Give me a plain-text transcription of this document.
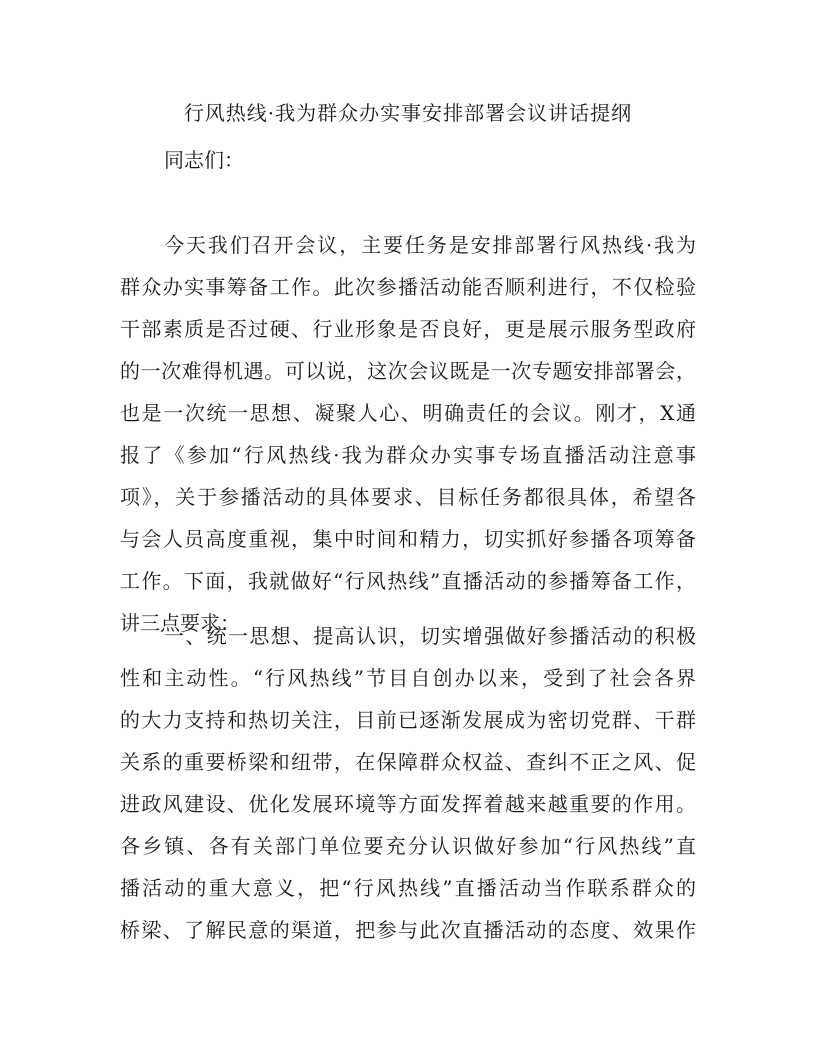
行风热线·我为群众办实事安排部署会议讲话提纲
同志们：
今天我们召开会议，主要任务是安排部署行风热线·我为
群众办实事筹备工作。此次参播活动能否顺利进行，不仅检验
干部素质是否过硬、行业形象是否良好，更是展示服务型政府
的一次难得机遇。可以说，这次会议既是一次专题安排部署会，
也是一次统一思想、凝聚人心、明确责任的会议。刚才，X通
报了《参加“行风热线·我为群众办实事专场直播活动注意事
项》，关于参播活动的具体要求、目标任务都很具体，希望各
与会人员高度重视，集中时间和精力，切实抓好参播各项筹备
工作。下面，我就做好“行风热线”直播活动的参播筹备工作，
讲三点要求：
一、统一思想、提高认识，切实增强做好参播活动的积极
性和主动性。“行风热线”节目自创办以来，受到了社会各界
的大力支持和热切关注，目前已逐渐发展成为密切党群、干群
关系的重要桥梁和纽带，在保障群众权益、查纠不正之风、促
进政风建设、优化发展环境等方面发挥着越来越重要的作用。
各乡镇、各有关部门单位要充分认识做好参加“行风热线”直
播活动的重大意义，把“行风热线”直播活动当作联系群众的
桥梁、了解民意的渠道，把参与此次直播活动的态度、效果作
